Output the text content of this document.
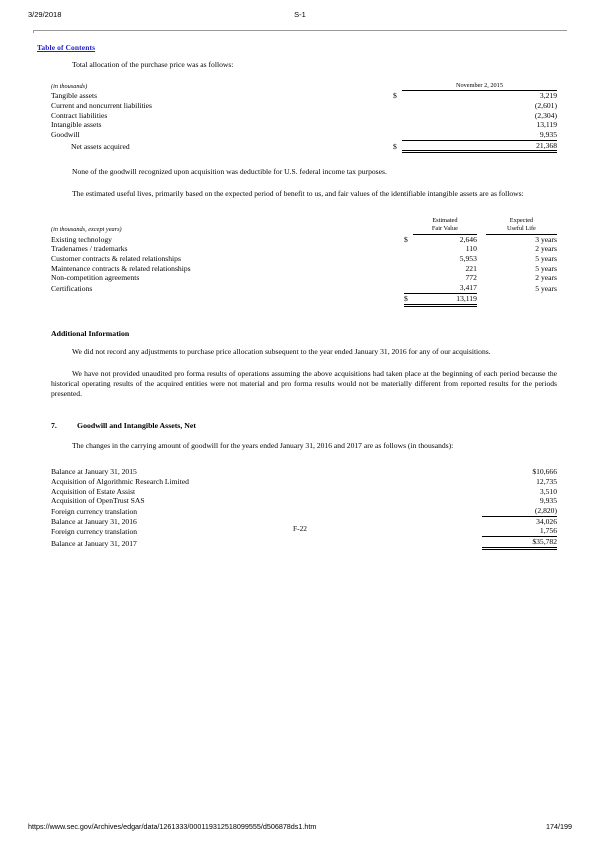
3/29/2018	S-1
Table of Contents

Total allocation of the purchase price was as follows:

(in thousands)			November 2, 2015
Tangible assets		$	3,219
Current and noncurrent liabilities			(2,601)
Contract liabilities			(2,304)
Intangible assets			13,119
Goodwill			9,935
Net assets acquired		$	21,368

None of the goodwill recognized upon acquisition was deductible for U.S. federal income tax purposes.

The estimated useful lives, primarily based on the expected period of benefit to us, and fair values of the identifiable intangible assets are as follows:

			Estimated		Expected
(in thousands, except years)			Fair Value		Useful Life
Existing technology		$	2,646		3 years
Tradenames / trademarks			110		2 years
Customer contracts & related relationships			5,953		5 years
Maintenance contracts & related relationships			221		5 years
Non-competition agreements			772		2 years
Certifications			3,417		5 years
		$	13,119		
Additional Information

We did not record any adjustments to purchase price allocation subsequent to the year ended January 31, 2016 for any of our acquisitions.

We have not provided unaudited pro forma results of operations assuming the above acquisitions had taken place at the beginning of each period because the historical operating results of the acquired entities were not material and pro forma results would not be materially different from reported results for the periods presented.

7.	Goodwill and Intangible Assets, Net

The changes in the carrying amount of goodwill for the years ended January 31, 2016 and 2017 are as follows (in thousands):

Balance at January 31, 2015		$10,666
Acquisition of Algorithmic Research Limited		12,735
Acquisition of Estate Assist		3,510
Acquisition of OpenTrust SAS		9,935
Foreign currency translation		(2,820)
Balance at January 31, 2016		34,026
Foreign currency translation		1,756
Balance at January 31, 2017		$35,782
F-22
https://www.sec.gov/Archives/edgar/data/1261333/000119312518099555/d506878ds1.htm	174/199
